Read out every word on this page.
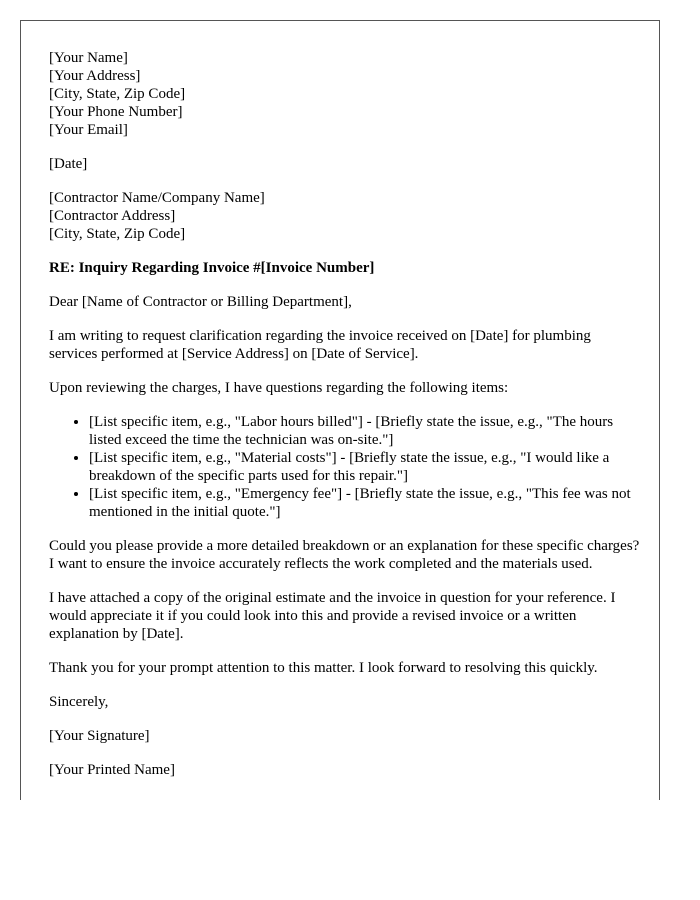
[Your Name]
[Your Address]
[City, State, Zip Code]
[Your Phone Number]
[Your Email]
[Date]
[Contractor Name/Company Name]
[Contractor Address]
[City, State, Zip Code]

RE: Inquiry Regarding Invoice #[Invoice Number]

Dear [Name of Contractor or Billing Department],

I am writing to request clarification regarding the invoice received on [Date] for plumbing services performed at [Service Address] on [Date of Service].

Upon reviewing the charges, I have questions regarding the following items:

• [List specific item, e.g., "Labor hours billed"] - [Briefly state the issue, e.g., "The hours listed exceed the time the technician was on-site."]
• [List specific item, e.g., "Material costs"] - [Briefly state the issue, e.g., "I would like a breakdown of the specific parts used for this repair."]
• [List specific item, e.g., "Emergency fee"] - [Briefly state the issue, e.g., "This fee was not mentioned in the initial quote."]

Could you please provide a more detailed breakdown or an explanation for these specific charges? I want to ensure the invoice accurately reflects the work completed and the materials used.

I have attached a copy of the original estimate and the invoice in question for your reference. I would appreciate it if you could look into this and provide a revised invoice or a written explanation by [Date].

Thank you for your prompt attention to this matter. I look forward to resolving this quickly.

Sincerely,

[Your Signature]

[Your Printed Name]
